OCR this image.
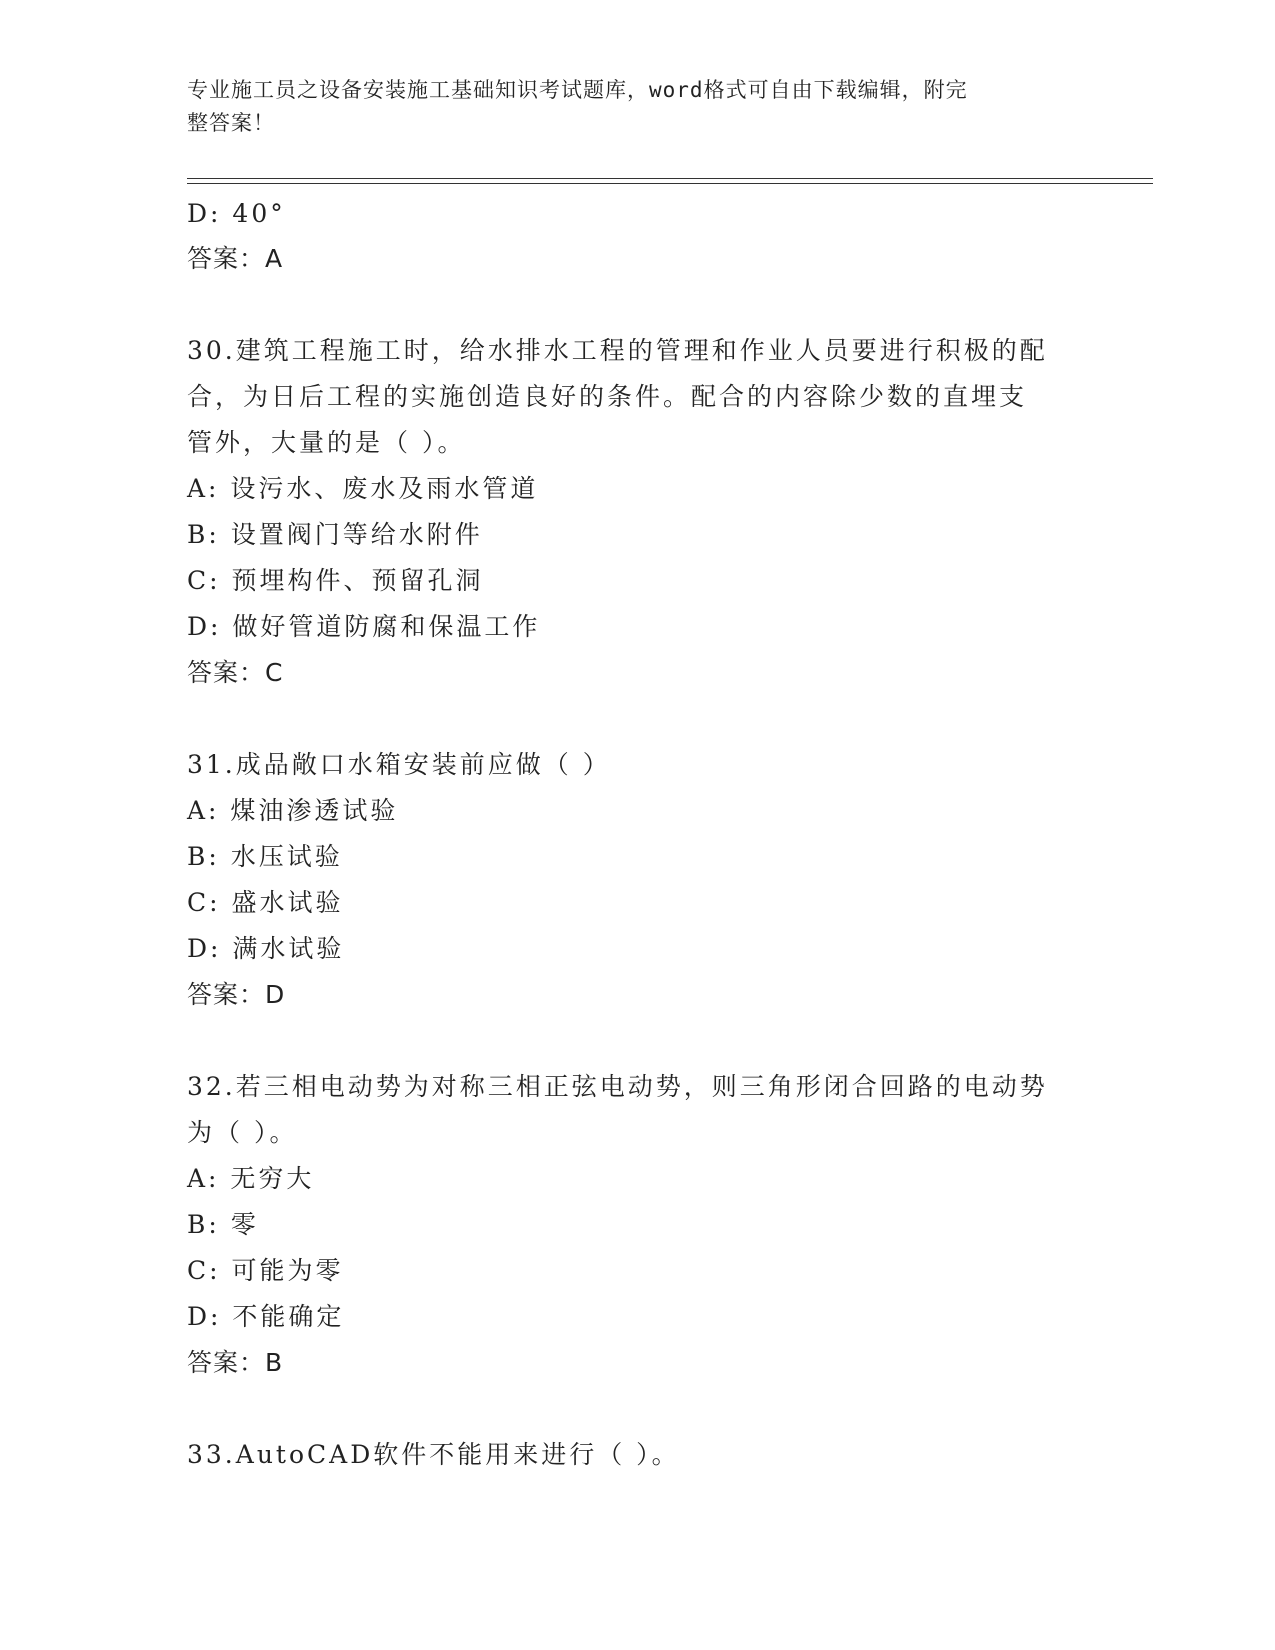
专业施工员之设备安装施工基础知识考试题库，word格式可自由下载编辑，附完
整答案！
D: 40°
答案：A
30.建筑工程施工时，给水排水工程的管理和作业人员要进行积极的配
合，为日后工程的实施创造良好的条件。配合的内容除少数的直埋支
管外，大量的是（ ）。
A: 设污水、废水及雨水管道
B: 设置阀门等给水附件
C: 预埋构件、预留孔洞
D: 做好管道防腐和保温工作
答案：C
31.成品敞口水箱安装前应做（ ）
A: 煤油渗透试验
B: 水压试验
C: 盛水试验
D: 满水试验
答案：D
32.若三相电动势为对称三相正弦电动势，则三角形闭合回路的电动势
为（ ）。
A: 无穷大
B: 零
C: 可能为零
D: 不能确定
答案：B
33.AutoCAD软件不能用来进行（ ）。
